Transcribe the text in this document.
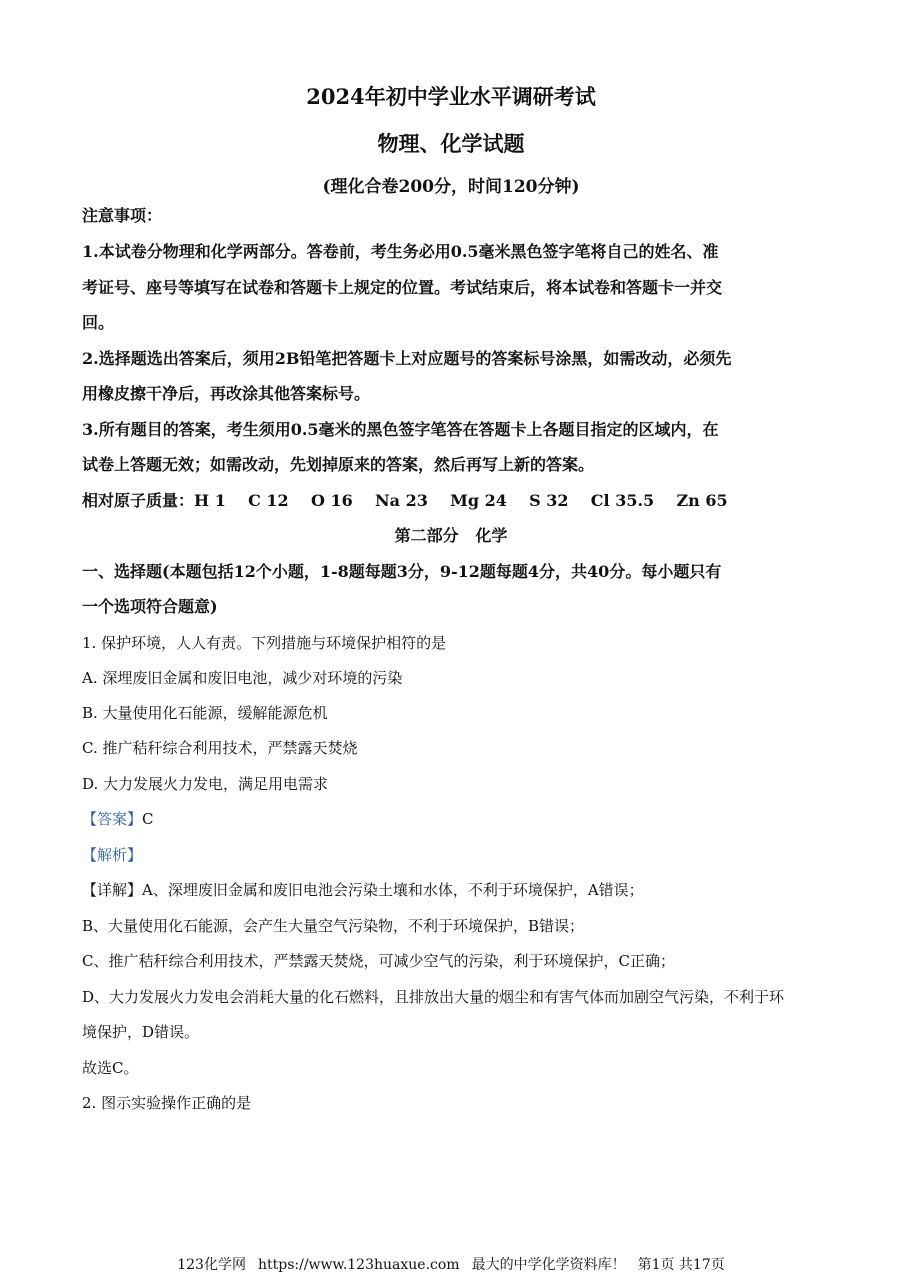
2024年初中学业水平调研考试
物理、化学试题
(理化合卷200分，时间120分钟)
注意事项：
1.本试卷分物理和化学两部分。答卷前，考生务必用0.5毫米黑色签字笔将自己的姓名、准
考证号、座号等填写在试卷和答题卡上规定的位置。考试结束后，将本试卷和答题卡一并交
回。
2.选择题选出答案后，须用2B铅笔把答题卡上对应题号的答案标号涂黑，如需改动，必须先
用橡皮擦干净后，再改涂其他答案标号。
3.所有题目的答案，考生须用0.5毫米的黑色签字笔答在答题卡上各题目指定的区域内，在
试卷上答题无效；如需改动，先划掉原来的答案，然后再写上新的答案。
相对原子质量：H 1    C 12    O 16    Na 23    Mg 24    S 32    Cl 35.5    Zn 65
第二部分   化学
一、选择题(本题包括12个小题，1-8题每题3分，9-12题每题4分，共40分。每小题只有
一个选项符合题意)
1. 保护环境，人人有责。下列措施与环境保护相符的是
A. 深埋废旧金属和废旧电池，减少对环境的污染
B. 大量使用化石能源，缓解能源危机
C. 推广秸秆综合利用技术，严禁露天焚烧
D. 大力发展火力发电，满足用电需求
【答案】C
【解析】
【详解】A、深埋废旧金属和废旧电池会污染土壤和水体，不利于环境保护，A错误；
B、大量使用化石能源，会产生大量空气污染物，不利于环境保护，B错误；
C、推广秸秆综合利用技术，严禁露天焚烧，可减少空气的污染，利于环境保护，C正确；
D、大力发展火力发电会消耗大量的化石燃料，且排放出大量的烟尘和有害气体而加剧空气污染，不利于环
境保护，D错误。
故选C。
2. 图示实验操作正确的是
123化学网 https://www.123huaxue.com 最大的中学化学资料库！ 第1页 共17页
